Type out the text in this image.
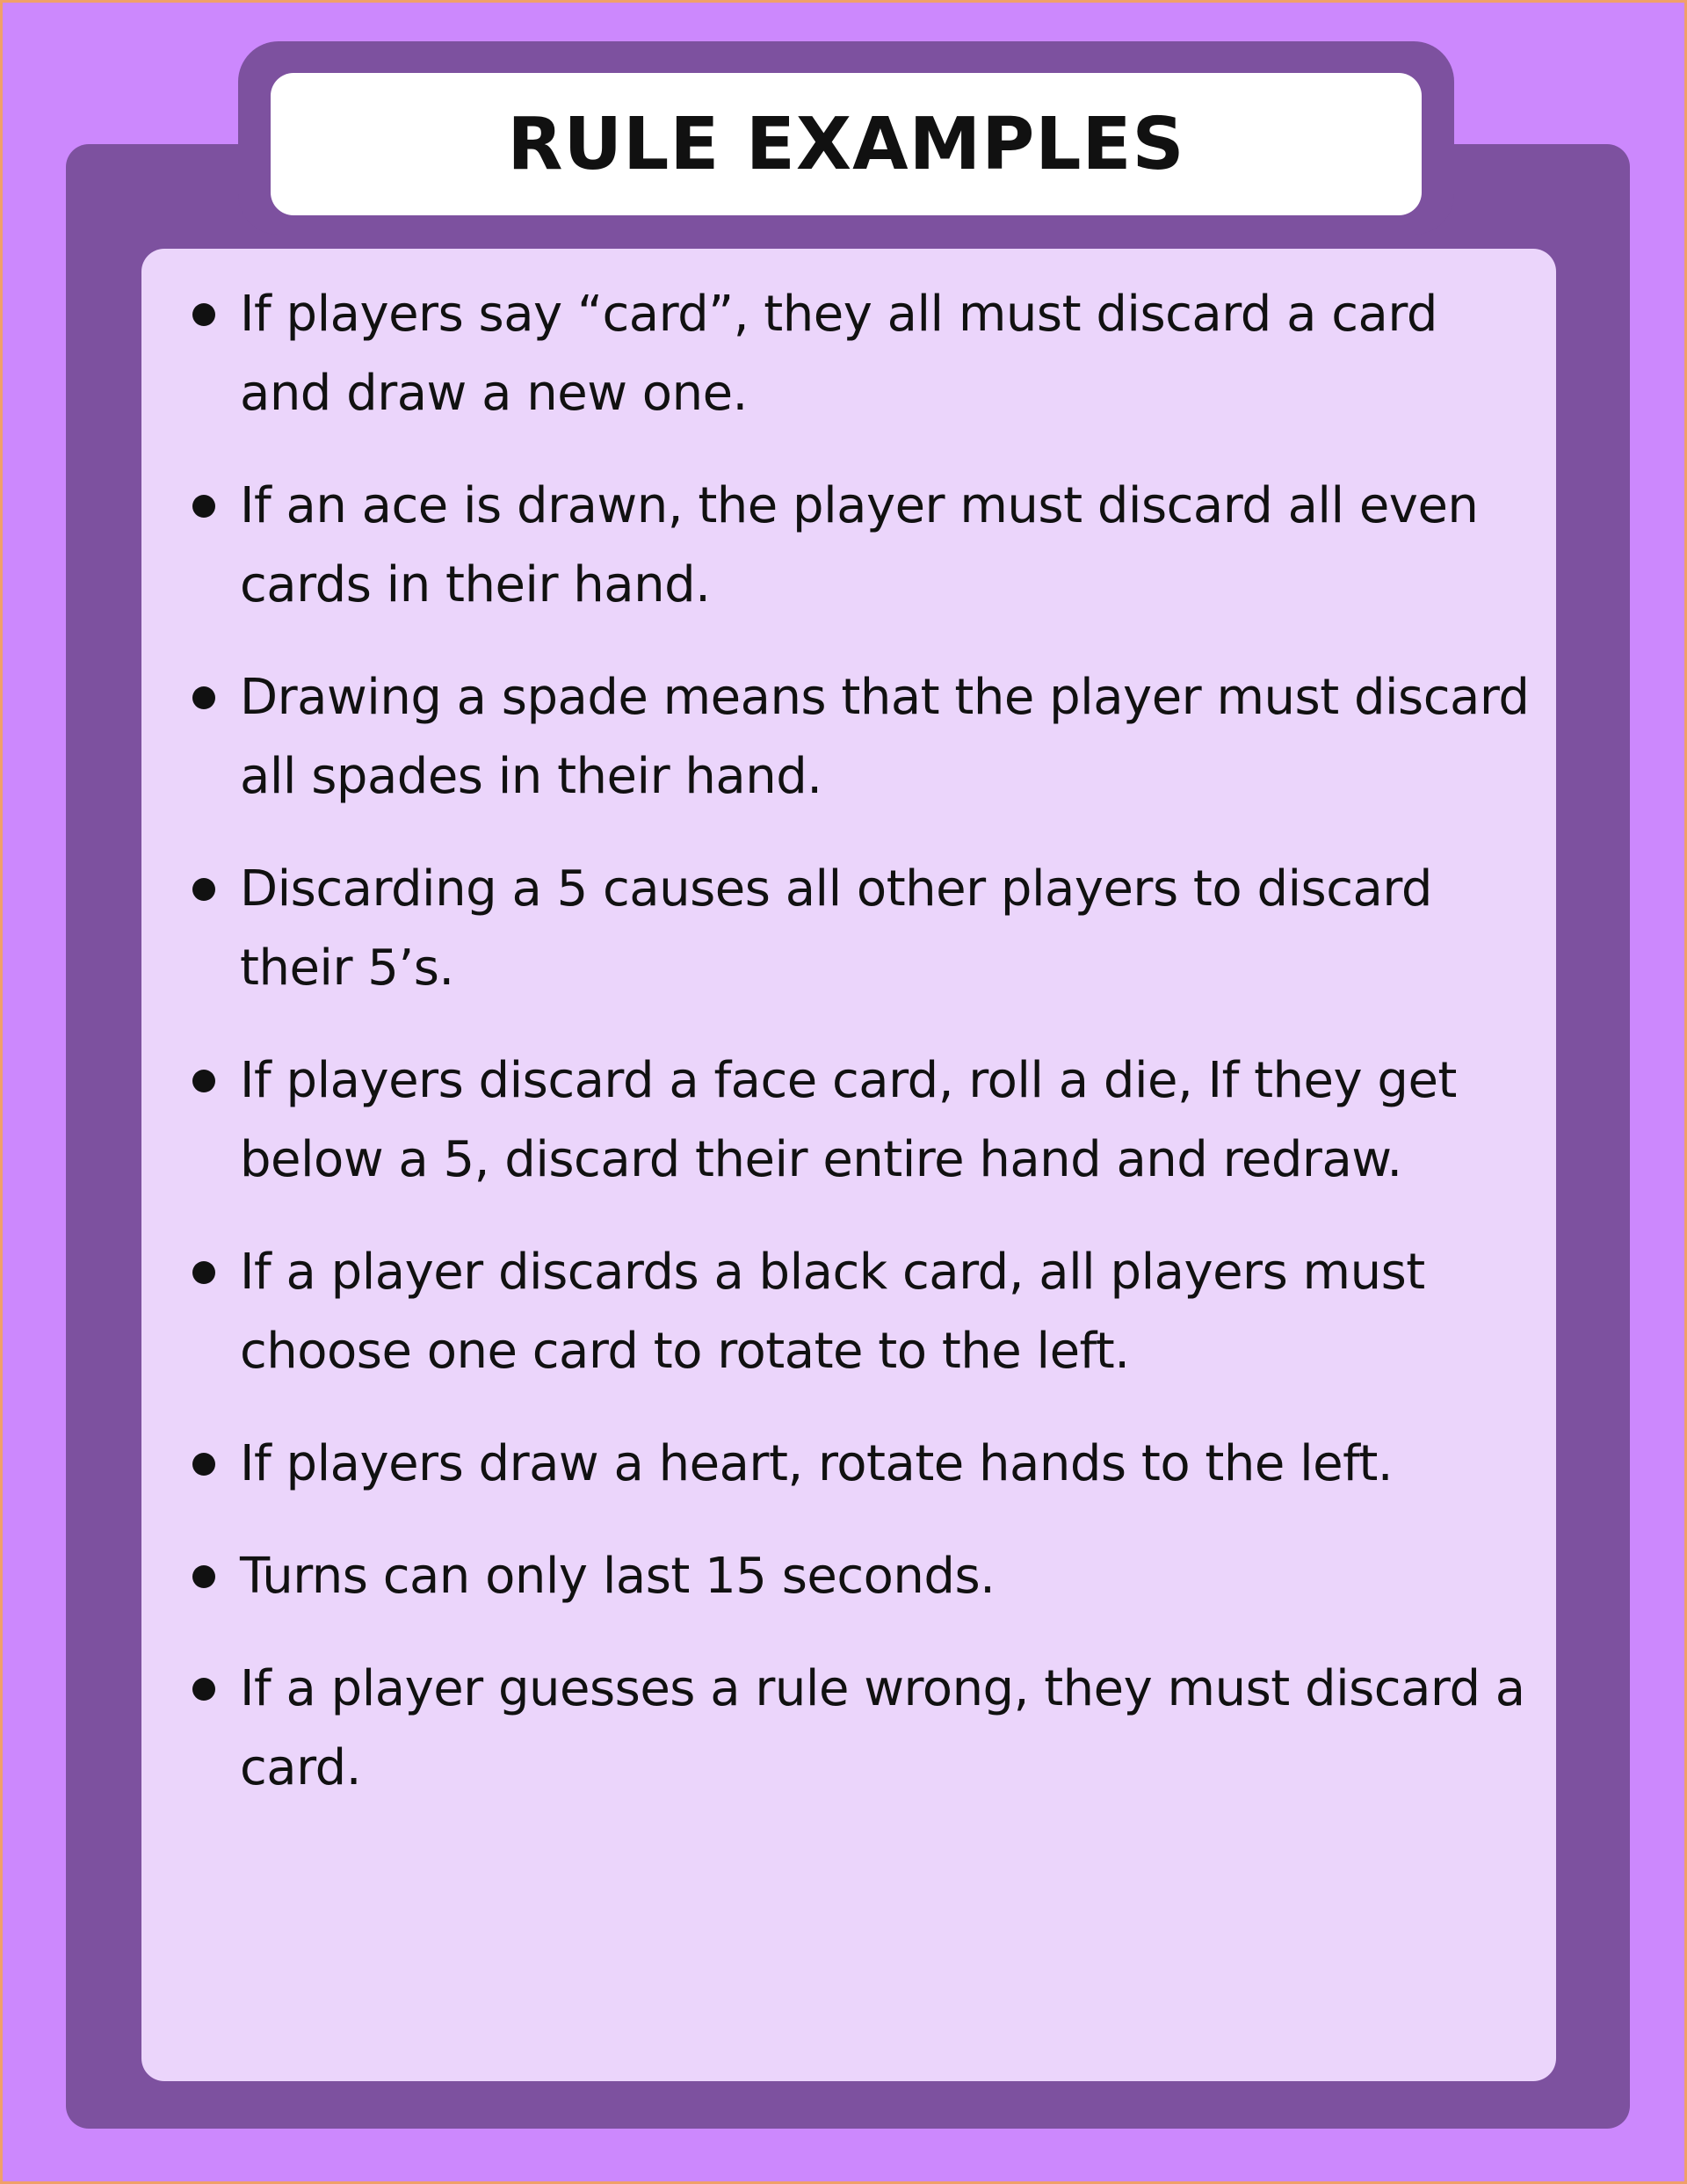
RULE EXAMPLES
If players say “card”, they all must discard a card and draw a new one.
If an ace is drawn, the player must discard all even cards in their hand.
Drawing a spade means that the player must discard all spades in their hand.
Discarding a 5 causes all other players to discard their 5’s.
If players discard a face card, roll a die, If they get below a 5, discard their entire hand and redraw.
If a player discards a black card, all players must choose one card to rotate to the left.
If players draw a heart, rotate hands to the left.
Turns can only last 15 seconds.
If a player guesses a rule wrong, they must discard a card.
